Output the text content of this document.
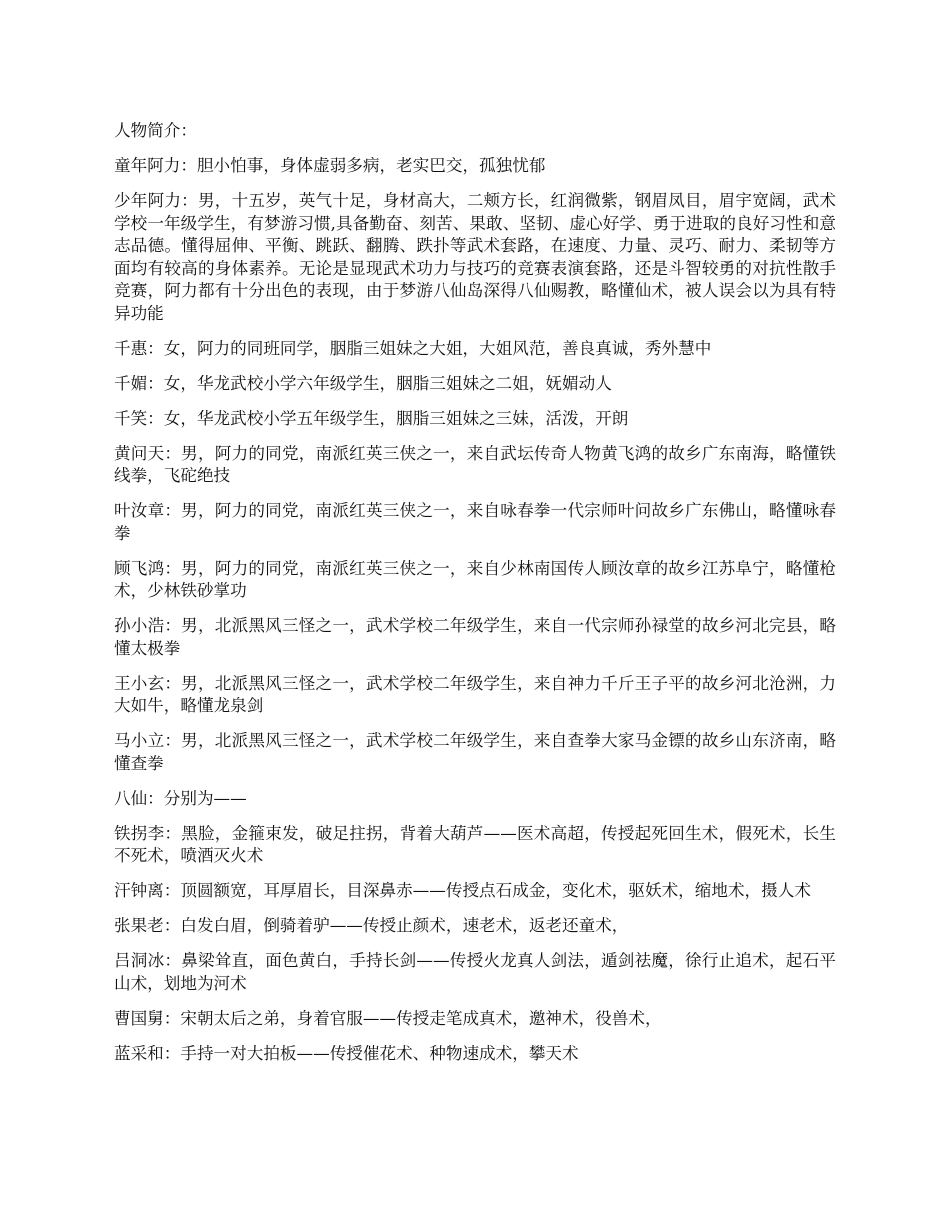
人物简介：

童年阿力：胆小怕事，身体虚弱多病，老实巴交，孤独忧郁

少年阿力：男，十五岁，英气十足，身材高大，二颊方长，红润微紫，钢眉凤目，眉宇宽阔，武术学校一年级学生，有梦游习惯,具备勤奋、刻苦、果敢、坚韧、虚心好学、勇于进取的良好习性和意志品德。懂得屈伸、平衡、跳跃、翻腾、跌扑等武术套路，在速度、力量、灵巧、耐力、柔韧等方面均有较高的身体素养。无论是显现武术功力与技巧的竞赛表演套路，还是斗智较勇的对抗性散手竞赛，阿力都有十分出色的表现，由于梦游八仙岛深得八仙赐教，略懂仙术，被人误会以为具有特异功能

千惠：女，阿力的同班同学，胭脂三姐妹之大姐，大姐风范，善良真诚，秀外慧中

千媚：女，华龙武校小学六年级学生，胭脂三姐妹之二姐，妩媚动人

千笑：女，华龙武校小学五年级学生，胭脂三姐妹之三妹，活泼，开朗

黄问天：男，阿力的同党，南派红英三侠之一，来自武坛传奇人物黄飞鸿的故乡广东南海，略懂铁线拳，飞砣绝技

叶汝章：男，阿力的同党，南派红英三侠之一，来自咏春拳一代宗师叶问故乡广东佛山，略懂咏春拳

顾飞鸿：男，阿力的同党，南派红英三侠之一，来自少林南国传人顾汝章的故乡江苏阜宁，略懂枪术，少林铁砂掌功

孙小浩：男，北派黑风三怪之一，武术学校二年级学生，来自一代宗师孙禄堂的故乡河北完县，略懂太极拳

王小玄：男，北派黑风三怪之一，武术学校二年级学生，来自神力千斤王子平的故乡河北沧洲，力大如牛，略懂龙泉剑

马小立：男，北派黑风三怪之一，武术学校二年级学生，来自查拳大家马金镖的故乡山东济南，略懂查拳

八仙：分别为——

铁拐李：黑脸，金箍束发，破足拄拐，背着大葫芦——医术高超，传授起死回生术，假死术，长生不死术，喷酒灭火术

汗钟离：顶圆额宽，耳厚眉长，目深鼻赤——传授点石成金，变化术，驱妖术，缩地术，摄人术

张果老：白发白眉，倒骑着驴——传授止颜术，速老术，返老还童术，

吕洞冰：鼻梁耸直，面色黄白，手持长剑——传授火龙真人剑法，遁剑祛魔，徐行止追术，起石平山术，划地为河术

曹国舅：宋朝太后之弟，身着官服——传授走笔成真术，邀神术，役兽术，

蓝采和：手持一对大拍板——传授催花术、种物速成术，攀天术
